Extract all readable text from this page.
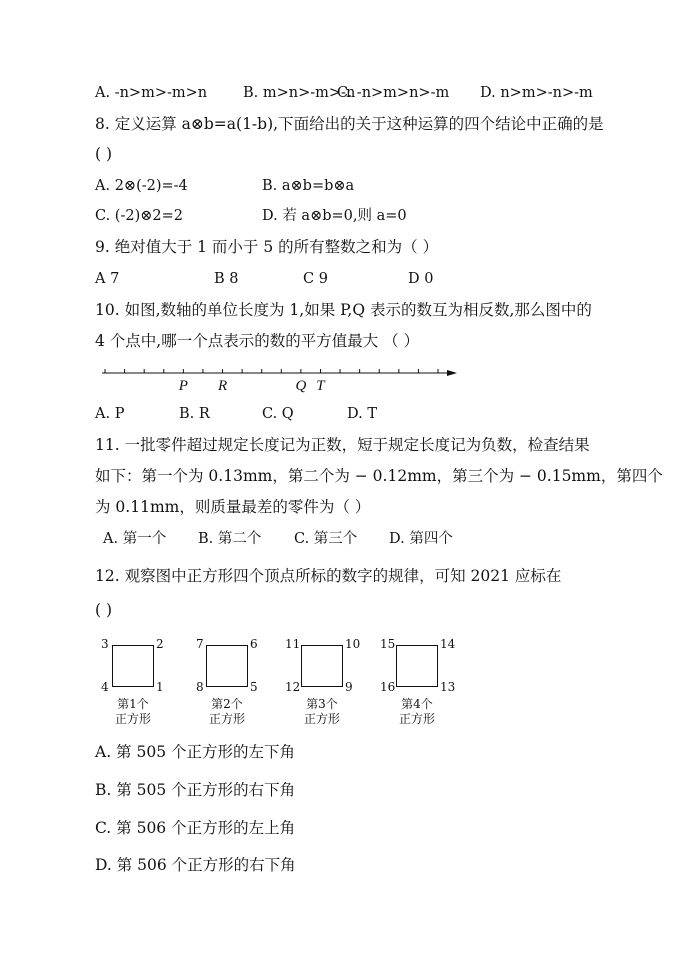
A. -n>m>-m>n B. m>n>-m>-n
C. -n>m>n>-m D. n>m>-n>-m
8. 定义运算 a⊗b=a(1-b),下面给出的关于这种运算的四个结论中正确的是
( )
A. 2⊗(-2)=-4	B. a⊗b=b⊗a
C. (-2)⊗2=2	D. 若 a⊗b=0,则 a=0
9. 绝对值大于 1 而小于 5 的所有整数之和为（ ）
A 7	B 8	C 9	D 0
10. 如图,数轴的单位长度为 1,如果 P,Q 表示的数互为相反数,那么图中的
4 个点中,哪一个点表示的数的平方值最大 （ ）
P R	Q T
A. P	B. R	C. Q	D. T
11. 一批零件超过规定长度记为正数，短于规定长度记为负数，检查结果
如下：第一个为 0.13mm，第二个为 − 0.12mm，第三个为 − 0.15mm，第四个
为 0.11mm，则质量最差的零件为（ ）
A. 第一个 B. 第二个 C. 第三个 D. 第四个
12. 观察图中正方形四个顶点所标的数字的规律，可知 2021 应标在
( )
3	2
4	1
第1个
正方形
7	6
8	5
第2个
正方形
11	10
12	9
第3个
正方形
15	14
16	13
第4个
正方形
A. 第 505 个正方形的左下角
B. 第 505 个正方形的右下角
C. 第 506 个正方形的左上角
D. 第 506 个正方形的右下角
